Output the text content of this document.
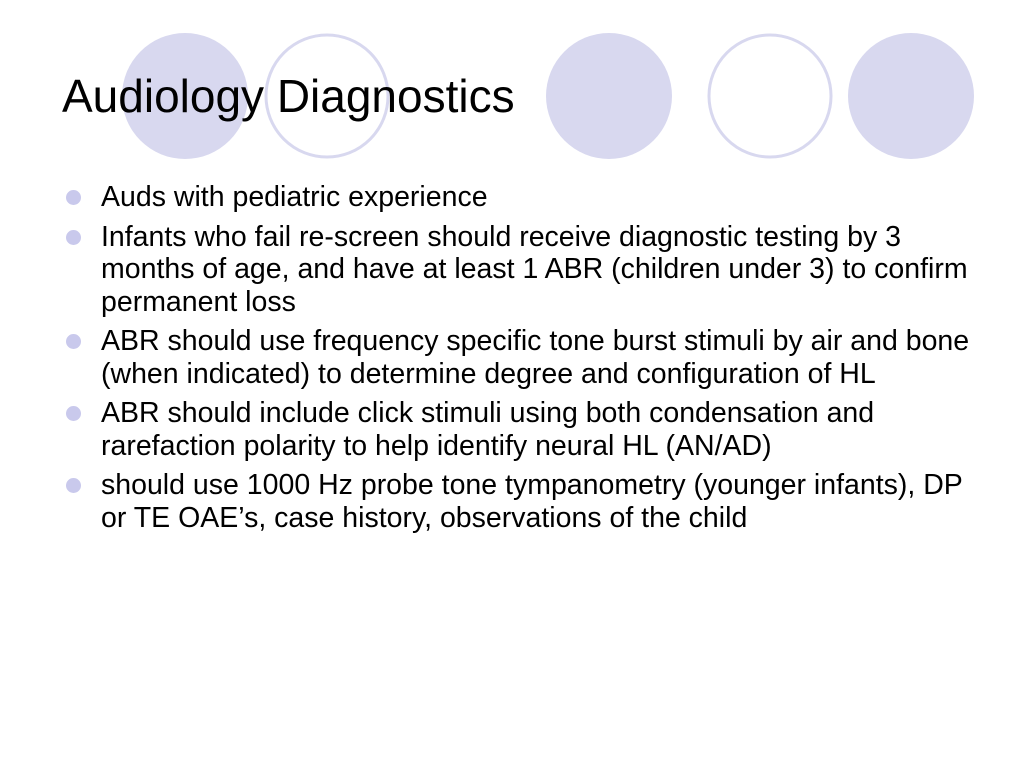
Audiology Diagnostics
Auds with pediatric experience
Infants who fail re-screen should receive diagnostic testing by 3 months of age, and have at least 1 ABR (children under 3) to confirm permanent loss
ABR should use frequency specific tone burst stimuli by air and bone (when indicated) to determine degree and configuration of HL
ABR should include click stimuli using both condensation and rarefaction polarity to help identify neural HL (AN/AD)
should use 1000 Hz probe tone tympanometry (younger infants), DP or TE OAE’s, case history, observations of the child
